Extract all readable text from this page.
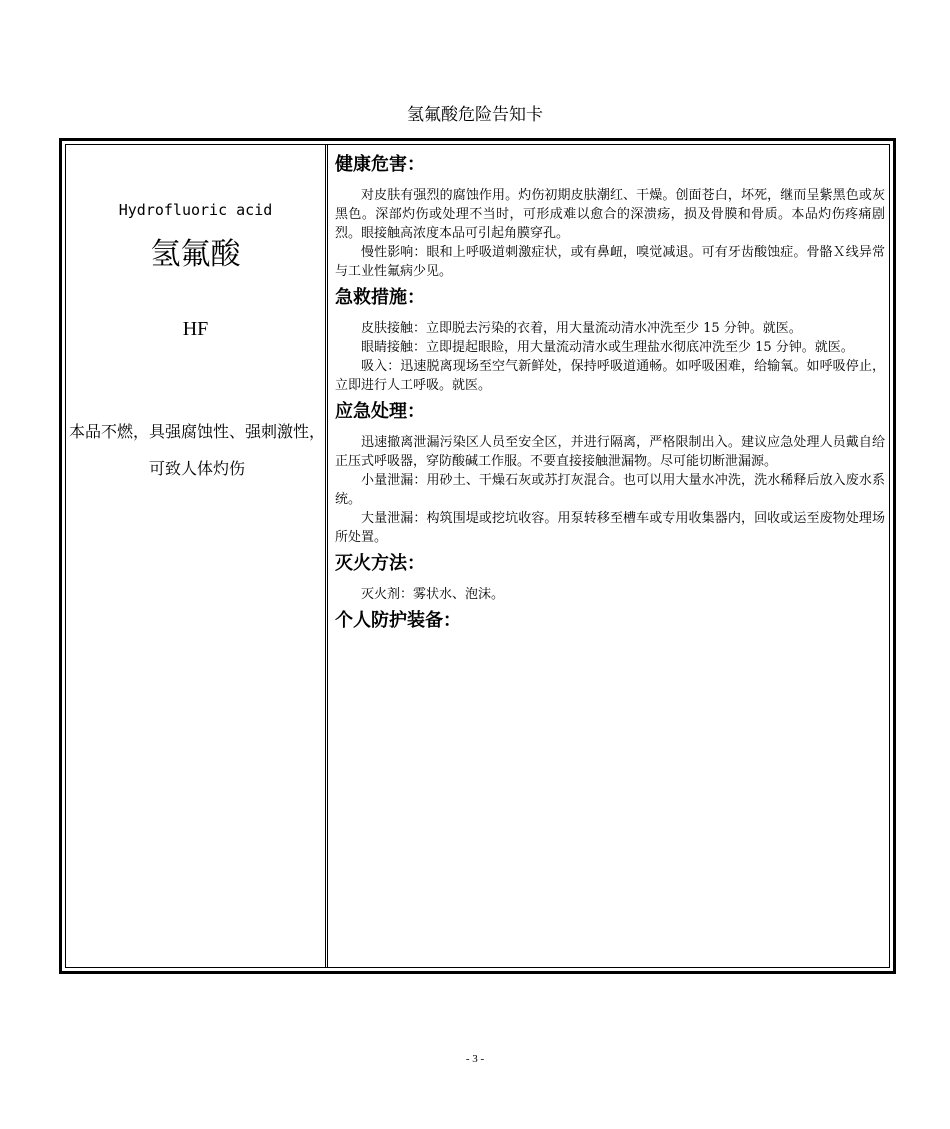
氢氟酸危险告知卡
Hydrofluoric acid
氢氟酸
HF
本品不燃，具强腐蚀性、强刺激性，可致人体灼伤
健康危害：

对皮肤有强烈的腐蚀作用。灼伤初期皮肤潮红、干燥。创面苍白，坏死，继而呈紫黑色或灰黑色。深部灼伤或处理不当时，可形成难以愈合的深溃疡，损及骨膜和骨质。本品灼伤疼痛剧烈。眼接触高浓度本品可引起角膜穿孔。

慢性影响：眼和上呼吸道刺激症状，或有鼻衄，嗅觉减退。可有牙齿酸蚀症。骨骼Ｘ线异常与工业性氟病少见。

急救措施：

皮肤接触：立即脱去污染的衣着，用大量流动清水冲洗至少 15 分钟。就医。

眼睛接触：立即提起眼睑，用大量流动清水或生理盐水彻底冲洗至少 15 分钟。就医。

吸入：迅速脱离现场至空气新鲜处，保持呼吸道通畅。如呼吸困难，给输氧。如呼吸停止，立即进行人工呼吸。就医。

应急处理：

迅速撤离泄漏污染区人员至安全区，并进行隔离，严格限制出入。建议应急处理人员戴自给正压式呼吸器，穿防酸碱工作服。不要直接接触泄漏物。尽可能切断泄漏源。

小量泄漏：用砂土、干燥石灰或苏打灰混合。也可以用大量水冲洗，洗水稀释后放入废水系统。

大量泄漏：构筑围堤或挖坑收容。用泵转移至槽车或专用收集器内，回收或运至废物处理场所处置。

灭火方法：

灭火剂：雾状水、泡沫。

个人防护装备：
- 3 -
